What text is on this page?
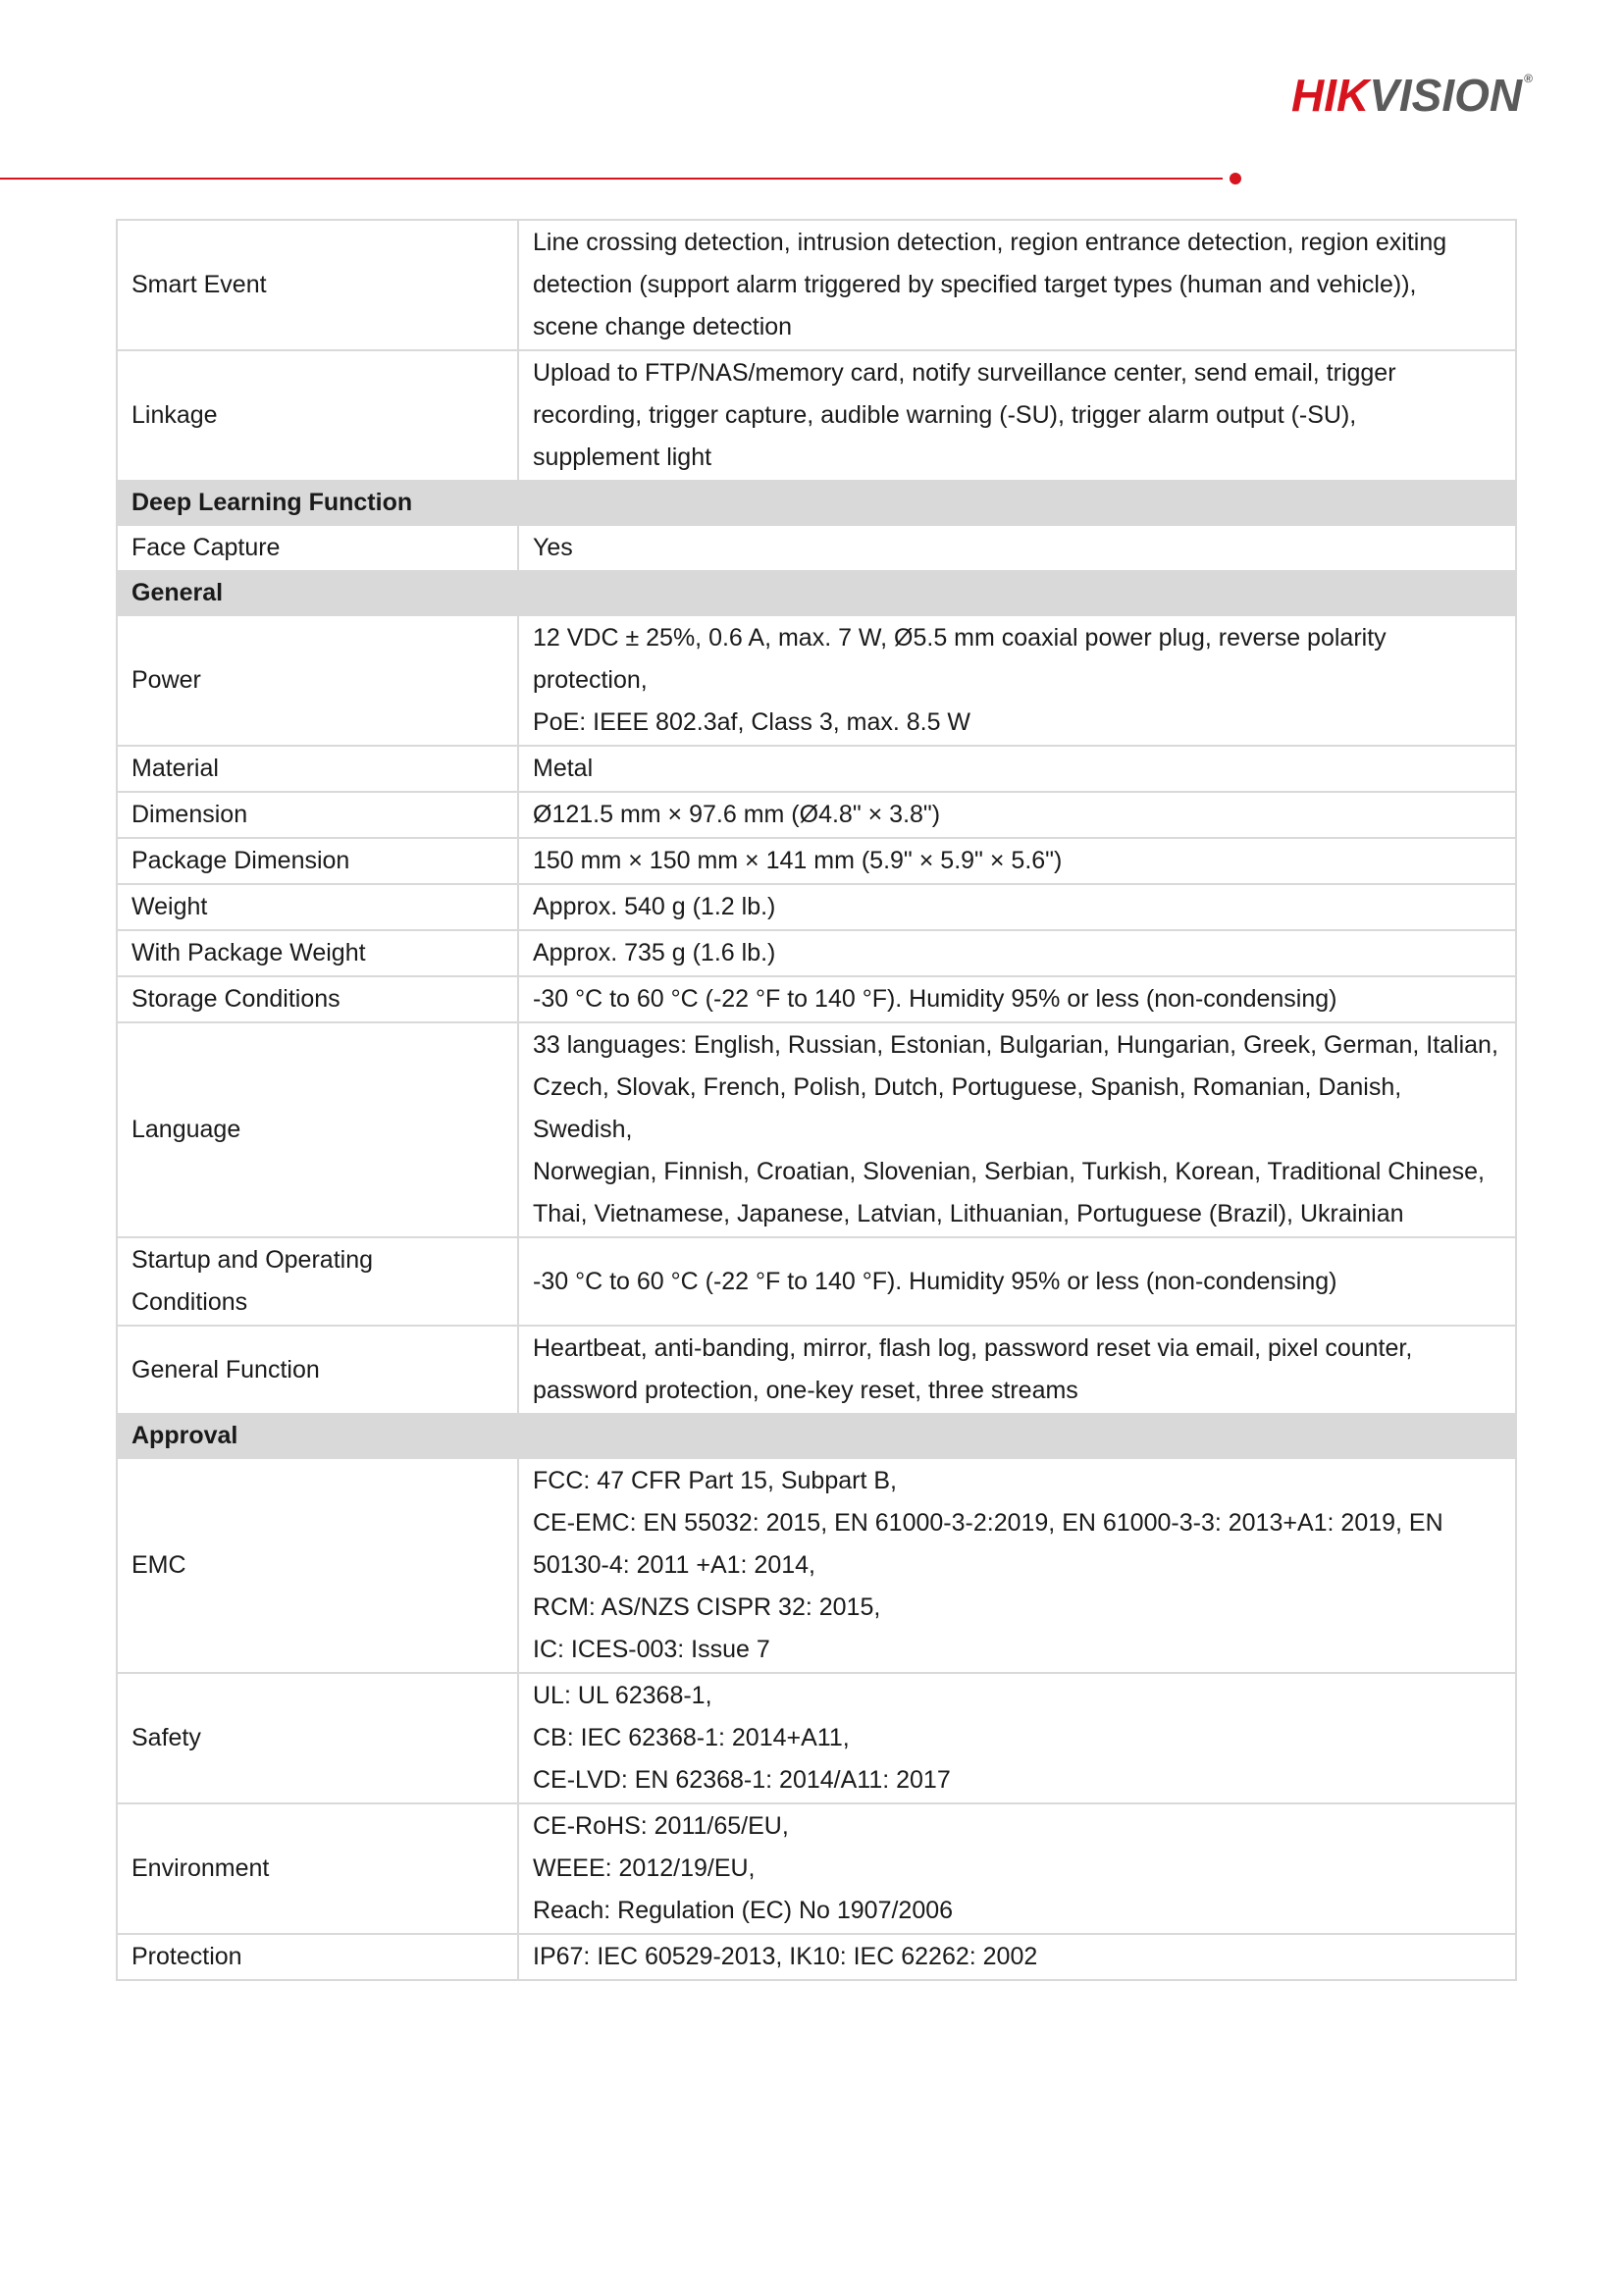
HIKVISION ®
Smart Event	Line crossing detection, intrusion detection, region entrance detection, region exiting
detection (support alarm triggered by specified target types (human and vehicle)),
scene change detection

Linkage	Upload to FTP/NAS/memory card, notify surveillance center, send email, trigger
recording, trigger capture, audible warning (-SU), trigger alarm output (-SU),
supplement light

Deep Learning Function	
Face Capture	Yes
General	
Power	12 VDC ± 25%, 0.6 A, max. 7 W, Ø5.5 mm coaxial power plug, reverse polarity
protection,
PoE: IEEE 802.3af, Class 3, max. 8.5 W

Material	Metal
Dimension	Ø121.5 mm × 97.6 mm (Ø4.8" × 3.8")
Package Dimension	150 mm × 150 mm × 141 mm (5.9" × 5.9" × 5.6")
Weight	Approx. 540 g (1.2 lb.)
With Package Weight	Approx. 735 g (1.6 lb.)
Storage Conditions	-30 °C to 60 °C (-22 °F to 140 °F). Humidity 95% or less (non-condensing)
Language	33 languages: English, Russian, Estonian, Bulgarian, Hungarian, Greek, German, Italian,
Czech, Slovak, French, Polish, Dutch, Portuguese, Spanish, Romanian, Danish, Swedish,
Norwegian, Finnish, Croatian, Slovenian, Serbian, Turkish, Korean, Traditional Chinese,
Thai, Vietnamese, Japanese, Latvian, Lithuanian, Portuguese (Brazil), Ukrainian

Startup and Operating
Conditions	-30 °C to 60 °C (-22 °F to 140 °F). Humidity 95% or less (non-condensing)
General Function	Heartbeat, anti-banding, mirror, flash log, password reset via email, pixel counter,
password protection, one-key reset, three streams

Approval	
EMC	FCC: 47 CFR Part 15, Subpart B,
CE-EMC: EN 55032: 2015, EN 61000-3-2:2019, EN 61000-3-3: 2013+A1: 2019, EN
50130-4: 2011 +A1: 2014,
RCM: AS/NZS CISPR 32: 2015,
IC: ICES-003: Issue 7

Safety	UL: UL 62368-1,
CB: IEC 62368-1: 2014+A11,
CE-LVD: EN 62368-1: 2014/A11: 2017

Environment	CE-RoHS: 2011/65/EU,
WEEE: 2012/19/EU,
Reach: Regulation (EC) No 1907/2006

Protection	IP67: IEC 60529-2013, IK10: IEC 62262: 2002
